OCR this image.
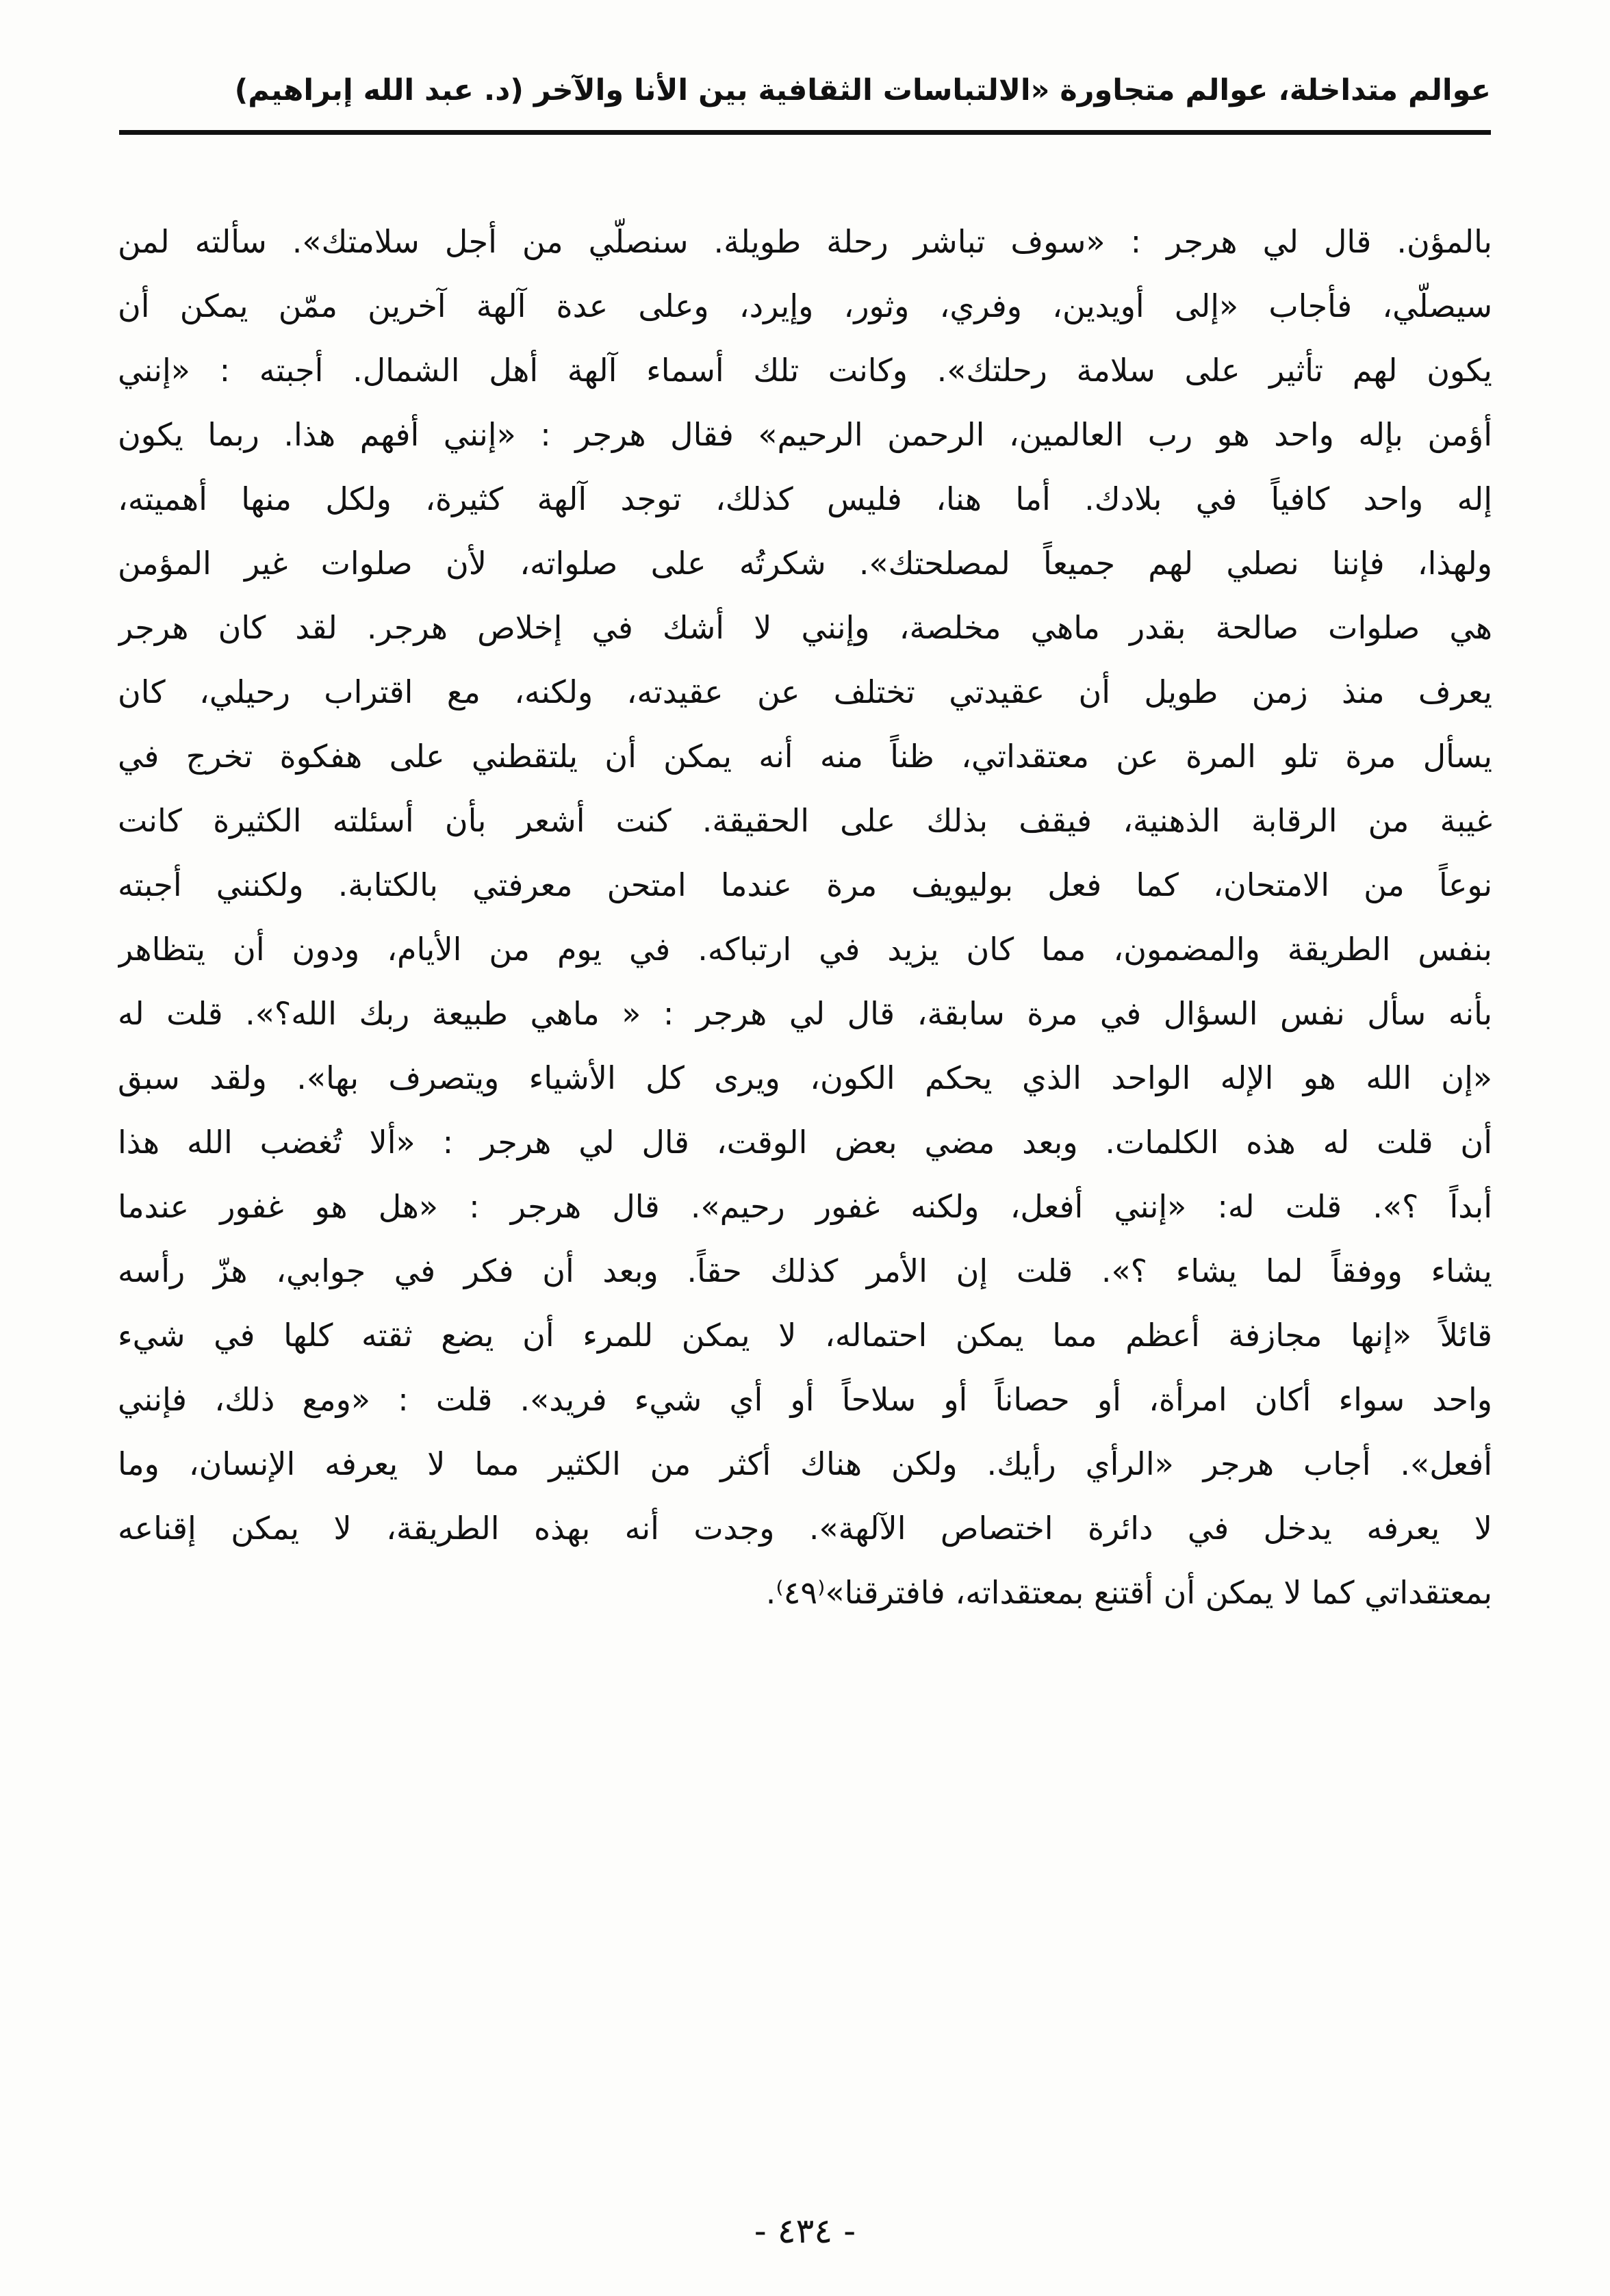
عوالم متداخلة، عوالم متجاورة «الالتباسات الثقافية بين الأنا والآخر (د. عبد الله إبراهيم)
بالمؤن. قال لي هرجر : «سوف تباشر رحلة طويلة. سنصلّي من أجل سلامتك». سألته لمن
سيصلّي، فأجاب «إلى أويدين، وفري، وثور، وإيرد، وعلى عدة آلهة آخرين ممّن يمكن أن
يكون لهم تأثير على سلامة رحلتك». وكانت تلك أسماء آلهة أهل الشمال. أجبته : «إنني
أؤمن بإله واحد هو رب العالمين، الرحمن الرحيم» فقال هرجر : «إنني أفهم هذا. ربما يكون
إله واحد كافياً في بلادك. أما هنا، فليس كذلك، توجد آلهة كثيرة، ولكل منها أهميته،
ولهذا، فإننا نصلي لهم جميعاً لمصلحتك». شكرتُه على صلواته، لأن صلوات غير المؤمن
هي صلوات صالحة بقدر ماهي مخلصة، وإنني لا أشك في إخلاص هرجر. لقد كان هرجر
يعرف منذ زمن طويل أن عقيدتي تختلف عن عقيدته، ولكنه، مع اقتراب رحيلي، كان
يسأل مرة تلو المرة عن معتقداتي، ظناً منه أنه يمكن أن يلتقطني على هفكوة تخرج في
غيبة من الرقابة الذهنية، فيقف بذلك على الحقيقة. كنت أشعر بأن أسئلته الكثيرة كانت
نوعاً من الامتحان، كما فعل بوليويف مرة عندما امتحن معرفتي بالكتابة. ولكنني أجبته
بنفس الطريقة والمضمون، مما كان يزيد في ارتباكه. في يوم من الأيام، ودون أن يتظاهر
بأنه سأل نفس السؤال في مرة سابقة، قال لي هرجر : « ماهي طبيعة ربك الله؟». قلت له
«إن الله هو الإله الواحد الذي يحكم الكون، ويرى كل الأشياء ويتصرف بها». ولقد سبق
أن قلت له هذه الكلمات. وبعد مضي بعض الوقت، قال لي هرجر : «ألا تُغضب الله هذا
أبداً ؟». قلت له: «إنني أفعل، ولكنه غفور رحيم». قال هرجر : «هل هو غفور عندما
يشاء ووفقاً لما يشاء ؟». قلت إن الأمر كذلك حقاً. وبعد أن فكر في جوابي، هزّ رأسه
قائلاً «إنها مجازفة أعظم مما يمكن احتماله، لا يمكن للمرء أن يضع ثقته كلها في شيء
واحد سواء أكان امرأة، أو حصاناً أو سلاحاً أو أي شيء فريد». قلت : «ومع ذلك، فإنني
أفعل». أجاب هرجر «الرأي رأيك. ولكن هناك أكثر من الكثير مما لا يعرفه الإنسان، وما
لا يعرفه يدخل في دائرة اختصاص الآلهة». وجدت أنه بهذه الطريقة، لا يمكن إقناعه
بمعتقداتي كما لا يمكن أن أقتنع بمعتقداته، فافترقنا»⁽٤٩⁾.
- ٤٣٤ -
